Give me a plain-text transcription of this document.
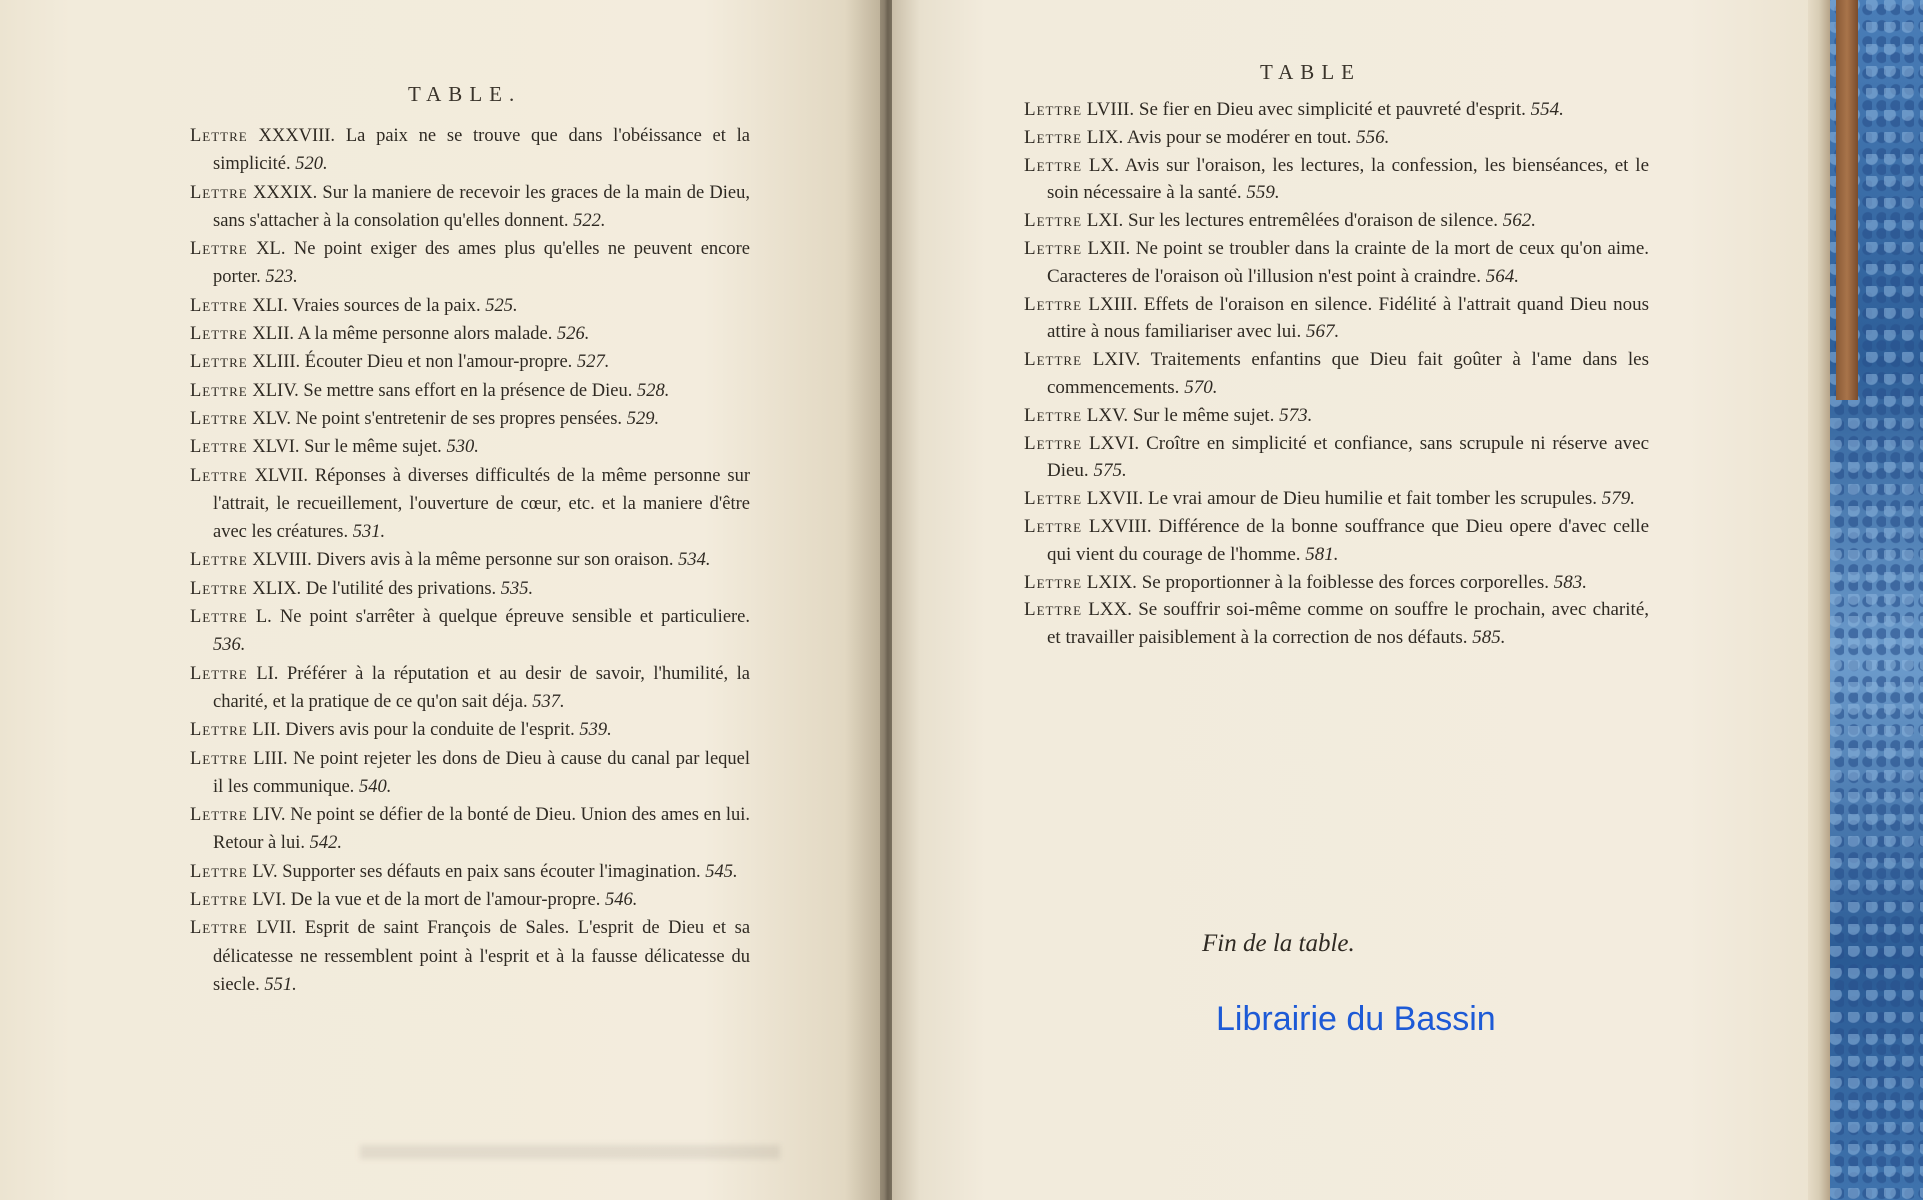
TABLE.
Lettre XXXVIII. La paix ne se trouve que dans l'obéissance et la simplicité. 520.
Lettre XXXIX. Sur la maniere de recevoir les graces de la main de Dieu, sans s'attacher à la consolation qu'elles donnent. 522.
Lettre XL. Ne point exiger des ames plus qu'elles ne peuvent encore porter. 523.
Lettre XLI. Vraies sources de la paix. 525.
Lettre XLII. A la même personne alors malade. 526.
Lettre XLIII. Écouter Dieu et non l'amour-propre. 527.
Lettre XLIV. Se mettre sans effort en la présence de Dieu. 528.
Lettre XLV. Ne point s'entretenir de ses propres pensées. 529.
Lettre XLVI. Sur le même sujet. 530.
Lettre XLVII. Réponses à diverses difficultés de la même personne sur l'attrait, le recueillement, l'ouverture de cœur, etc. et la maniere d'être avec les créatures. 531.
Lettre XLVIII. Divers avis à la même personne sur son oraison. 534.
Lettre XLIX. De l'utilité des privations. 535.
Lettre L. Ne point s'arrêter à quelque épreuve sensible et particuliere. 536.
Lettre LI. Préférer à la réputation et au desir de savoir, l'humilité, la charité, et la pratique de ce qu'on sait déja. 537.
Lettre LII. Divers avis pour la conduite de l'esprit. 539.
Lettre LIII. Ne point rejeter les dons de Dieu à cause du canal par lequel il les communique. 540.
Lettre LIV. Ne point se défier de la bonté de Dieu. Union des ames en lui. Retour à lui. 542.
Lettre LV. Supporter ses défauts en paix sans écouter l'imagination. 545.
Lettre LVI. De la vue et de la mort de l'amour-propre. 546.
Lettre LVII. Esprit de saint François de Sales. L'esprit de Dieu et sa délicatesse ne ressemblent point à l'esprit et à la fausse délicatesse du siecle. 551.
TABLE
Lettre LVIII. Se fier en Dieu avec simplicité et pauvreté d'esprit. 554.
Lettre LIX. Avis pour se modérer en tout. 556.
Lettre LX. Avis sur l'oraison, les lectures, la confession, les bienséances, et le soin nécessaire à la santé. 559.
Lettre LXI. Sur les lectures entremêlées d'oraison de silence. 562.
Lettre LXII. Ne point se troubler dans la crainte de la mort de ceux qu'on aime. Caracteres de l'oraison où l'illusion n'est point à craindre. 564.
Lettre LXIII. Effets de l'oraison en silence. Fidélité à l'attrait quand Dieu nous attire à nous familiariser avec lui. 567.
Lettre LXIV. Traitements enfantins que Dieu fait goûter à l'ame dans les commencements. 570.
Lettre LXV. Sur le même sujet. 573.
Lettre LXVI. Croître en simplicité et confiance, sans scrupule ni réserve avec Dieu. 575.
Lettre LXVII. Le vrai amour de Dieu humilie et fait tomber les scrupules. 579.
Lettre LXVIII. Différence de la bonne souffrance que Dieu opere d'avec celle qui vient du courage de l'homme. 581.
Lettre LXIX. Se proportionner à la foiblesse des forces corporelles. 583.
Lettre LXX. Se souffrir soi-même comme on souffre le prochain, avec charité, et travailler paisiblement à la correction de nos défauts. 585.
Fin de la table.
Librairie du Bassin
